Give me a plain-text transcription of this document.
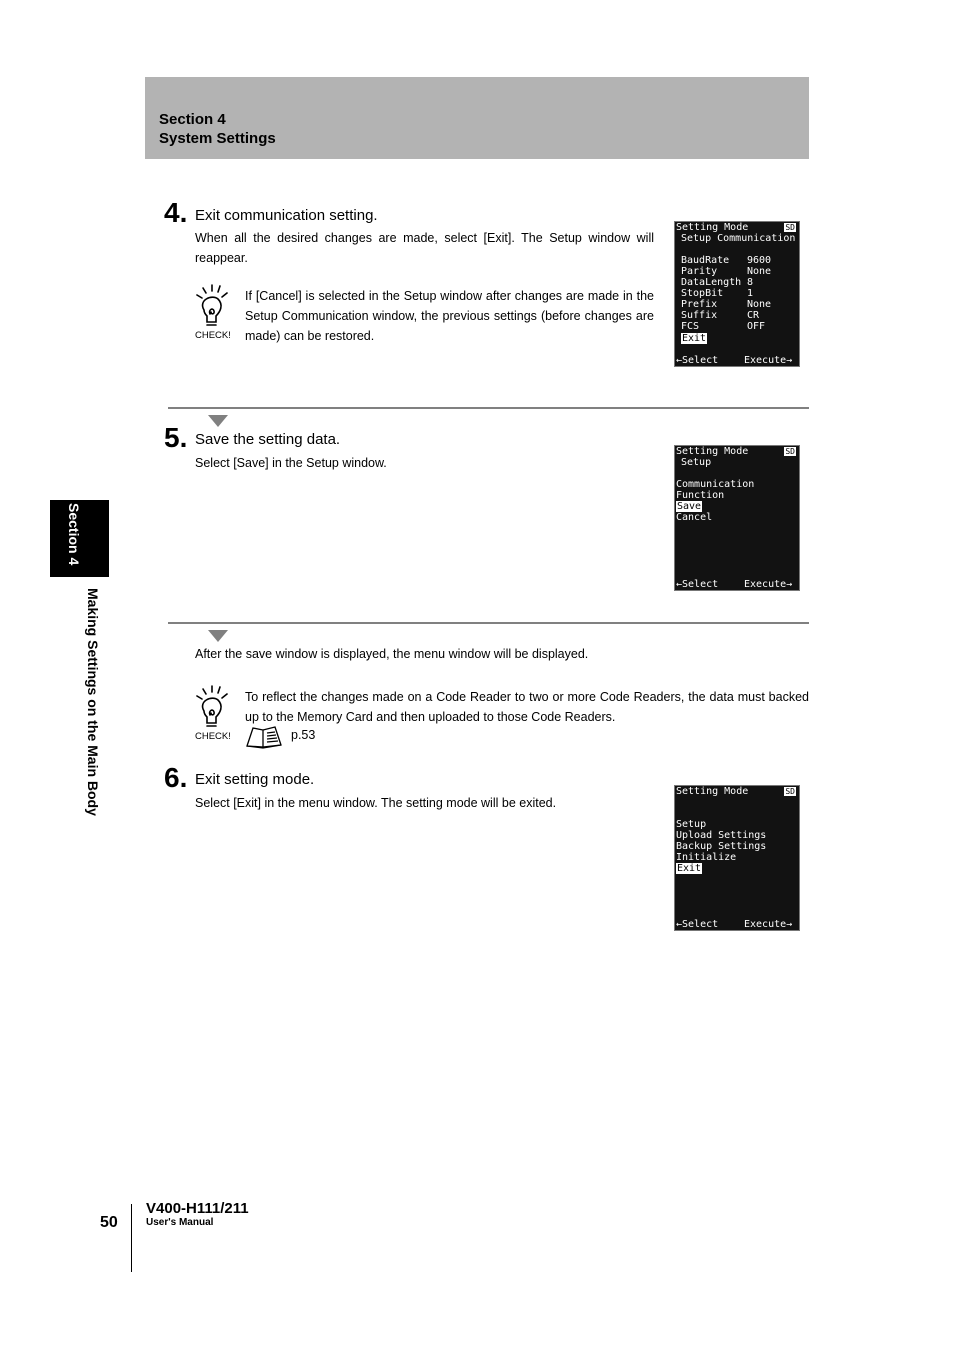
Section 4
System Settings
Section 4
Making Settings on the Main Body
4. Exit communication setting.
When all the desired changes are made, select [Exit]. The Setup window will reappear.
CHECK!
If [Cancel] is selected in the Setup window after changes are made in the Setup Communication window, the previous settings (before changes are made) can be restored.
Setting Mode	SD
Setup Communication
BaudRate 9600
Parity	None
DataLength 8
StopBit 1
Prefix	None
Suffix	CR
FCS	OFF
Exit
←Select	Execute→
5. Save the setting data.
Select [Save] in the Setup window.
Setting Mode	SD
Setup
Communication
Function
Save
Cancel
←Select	Execute→
After the save window is displayed, the menu window will be displayed.
CHECK!
To reflect the changes made on a Code Reader to two or more Code Readers, the data must backed up to the Memory Card and then uploaded to those Code Readers.
p.53
6. Exit setting mode.
Select [Exit] in the menu window. The setting mode will be exited.
Setting Mode	SD
Setup
Upload Settings
Backup Settings
Initialize
Exit
←Select	Execute→
50
V400-H111/211
User's Manual
